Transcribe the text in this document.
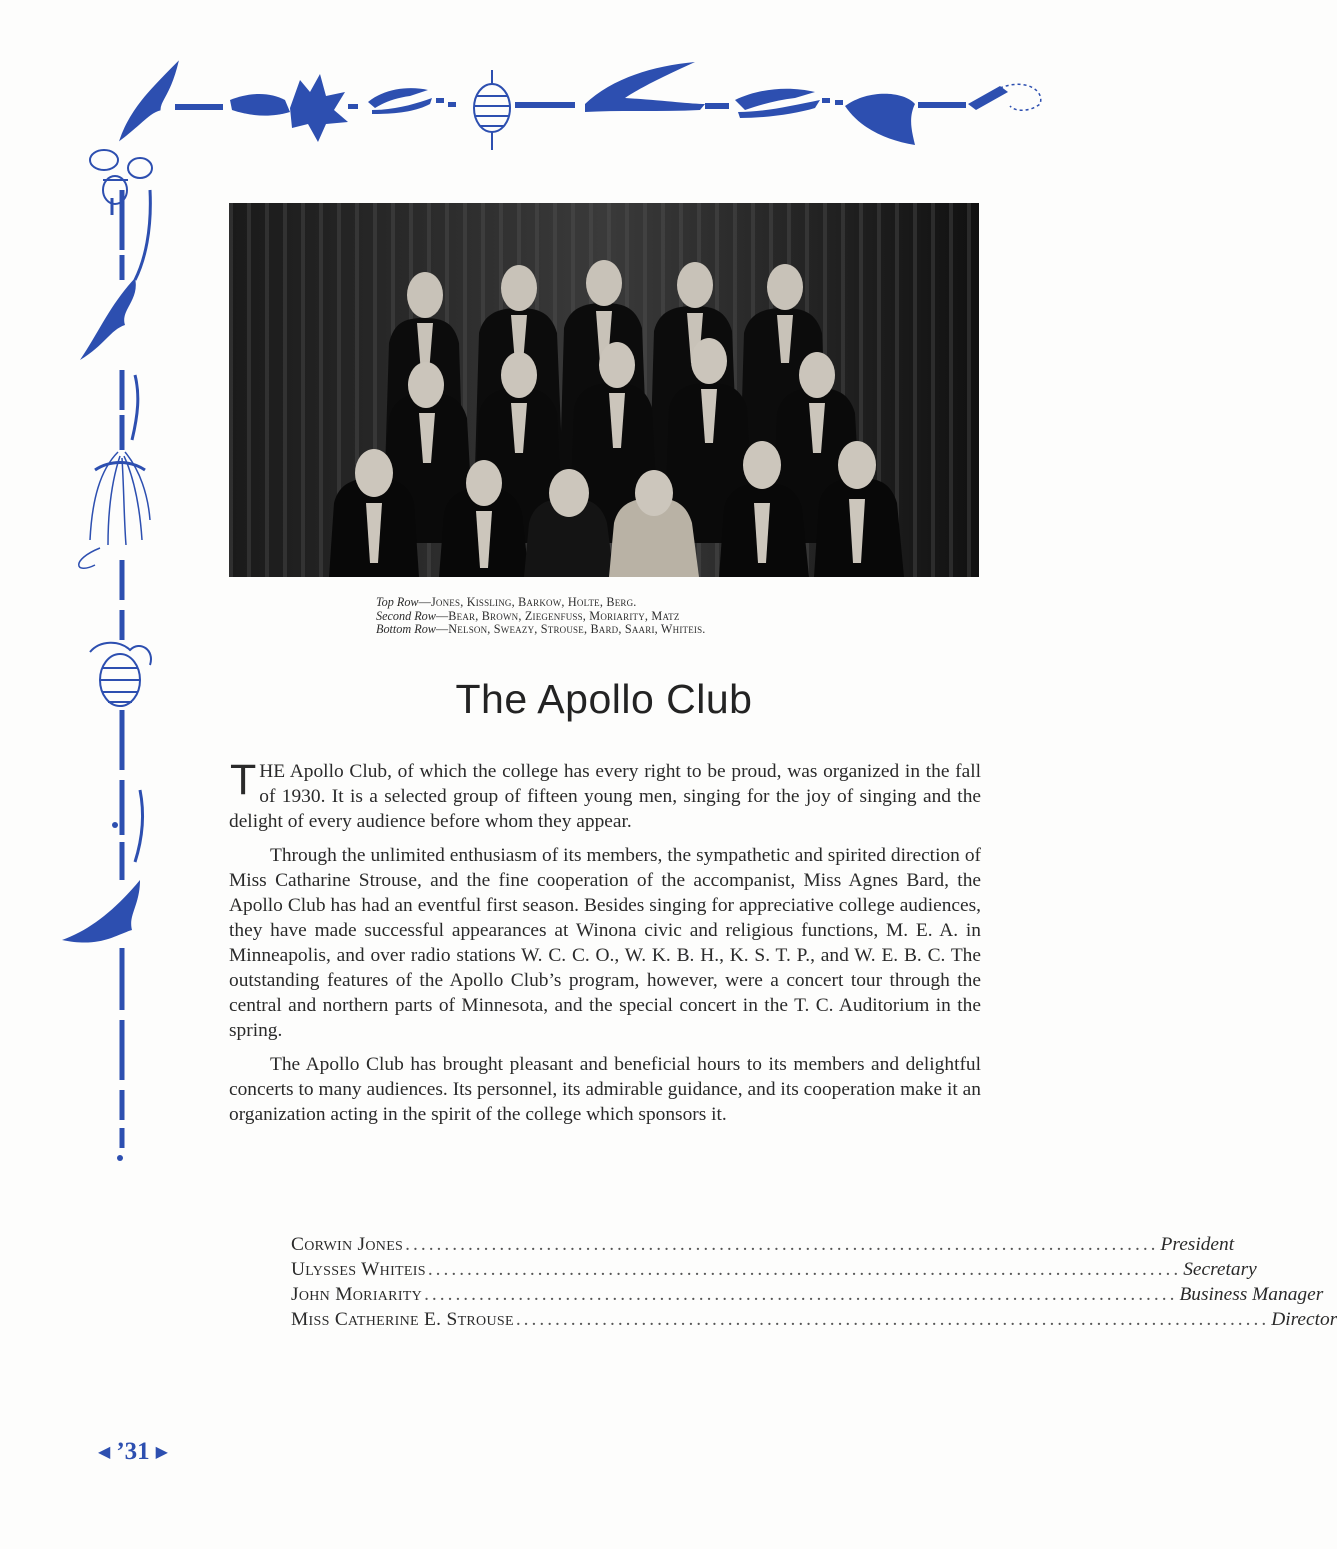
Top Row—Jones, Kissling, Barkow, Holte, Berg.
Second Row—Bear, Brown, Ziegenfuss, Moriarity, Matz
Bottom Row—Nelson, Sweazy, Strouse, Bard, Saari, Whiteis.
The Apollo Club

THE Apollo Club, of which the college has every right to be proud, was organized in the fall of 1930. It is a selected group of fifteen young men, singing for the joy of singing and the delight of every audience before whom they appear.

Through the unlimited enthusiasm of its members, the sympathetic and spirited direction of Miss Catharine Strouse, and the fine cooperation of the accompanist, Miss Agnes Bard, the Apollo Club has had an eventful first season. Besides singing for appreciative college audiences, they have made successful appearances at Winona civic and religious functions, M. E. A. in Minneapolis, and over radio stations W. C. C. O., W. K. B. H., K. S. T. P., and W. E. B. C. The outstanding features of the Apollo Club’s program, however, were a concert tour through the central and northern parts of Minnesota, and the special concert in the T. C. Auditorium in the spring.

The Apollo Club has brought pleasant and beneficial hours to its members and delightful concerts to many audiences. Its personnel, its admirable guidance, and its cooperation make it an organization acting in the spirit of the college which sponsors it.

Corwin Jones ................................................................................................ President
Ulysses Whiteis ................................................................................................ Secretary
John Moriarity ................................................................................................ Business Manager
Miss Catherine E. Strouse ................................................................................................ Director
◀︎ ’31 ▶︎
